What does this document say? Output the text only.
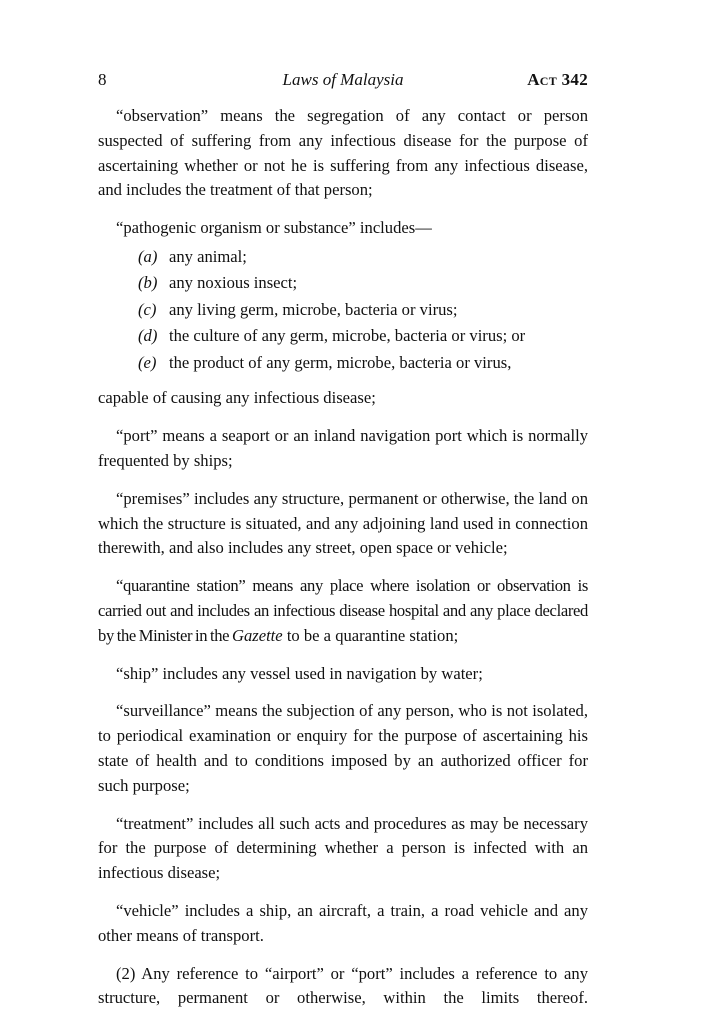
8	Laws of Malaysia	Act 342

“observation” means the segregation of any contact or person suspected of suffering from any infectious disease for the purpose of ascertaining whether or not he is suffering from any infectious disease, and includes the treatment of that person;

“pathogenic organism or substance” includes—

(a) any animal;

(b) any noxious insect;

(c) any living germ, microbe, bacteria or virus;

(d) the culture of any germ, microbe, bacteria or virus; or

(e) the product of any germ, microbe, bacteria or virus,

capable of causing any infectious disease;

“port” means a seaport or an inland navigation port which is normally frequented by ships;

“premises” includes any structure, permanent or otherwise, the land on which the structure is situated, and any adjoining land used in connection therewith, and also includes any street, open space or vehicle;

“quarantine station” means any place where isolation or observation is carried out and includes an infectious disease hospital and any place declared by the Minister in the Gazette to be a quarantine station;

“ship” includes any vessel used in navigation by water;

“surveillance” means the subjection of any person, who is not isolated, to periodical examination or enquiry for the purpose of ascertaining his state of health and to conditions imposed by an authorized officer for such purpose;

“treatment” includes all such acts and procedures as may be necessary for the purpose of determining whether a person is infected with an infectious disease;

“vehicle” includes a ship, an aircraft, a train, a road vehicle and any other means of transport.

(2) Any reference to “airport” or “port” includes a reference to any structure, permanent or otherwise, within the limits thereof.
